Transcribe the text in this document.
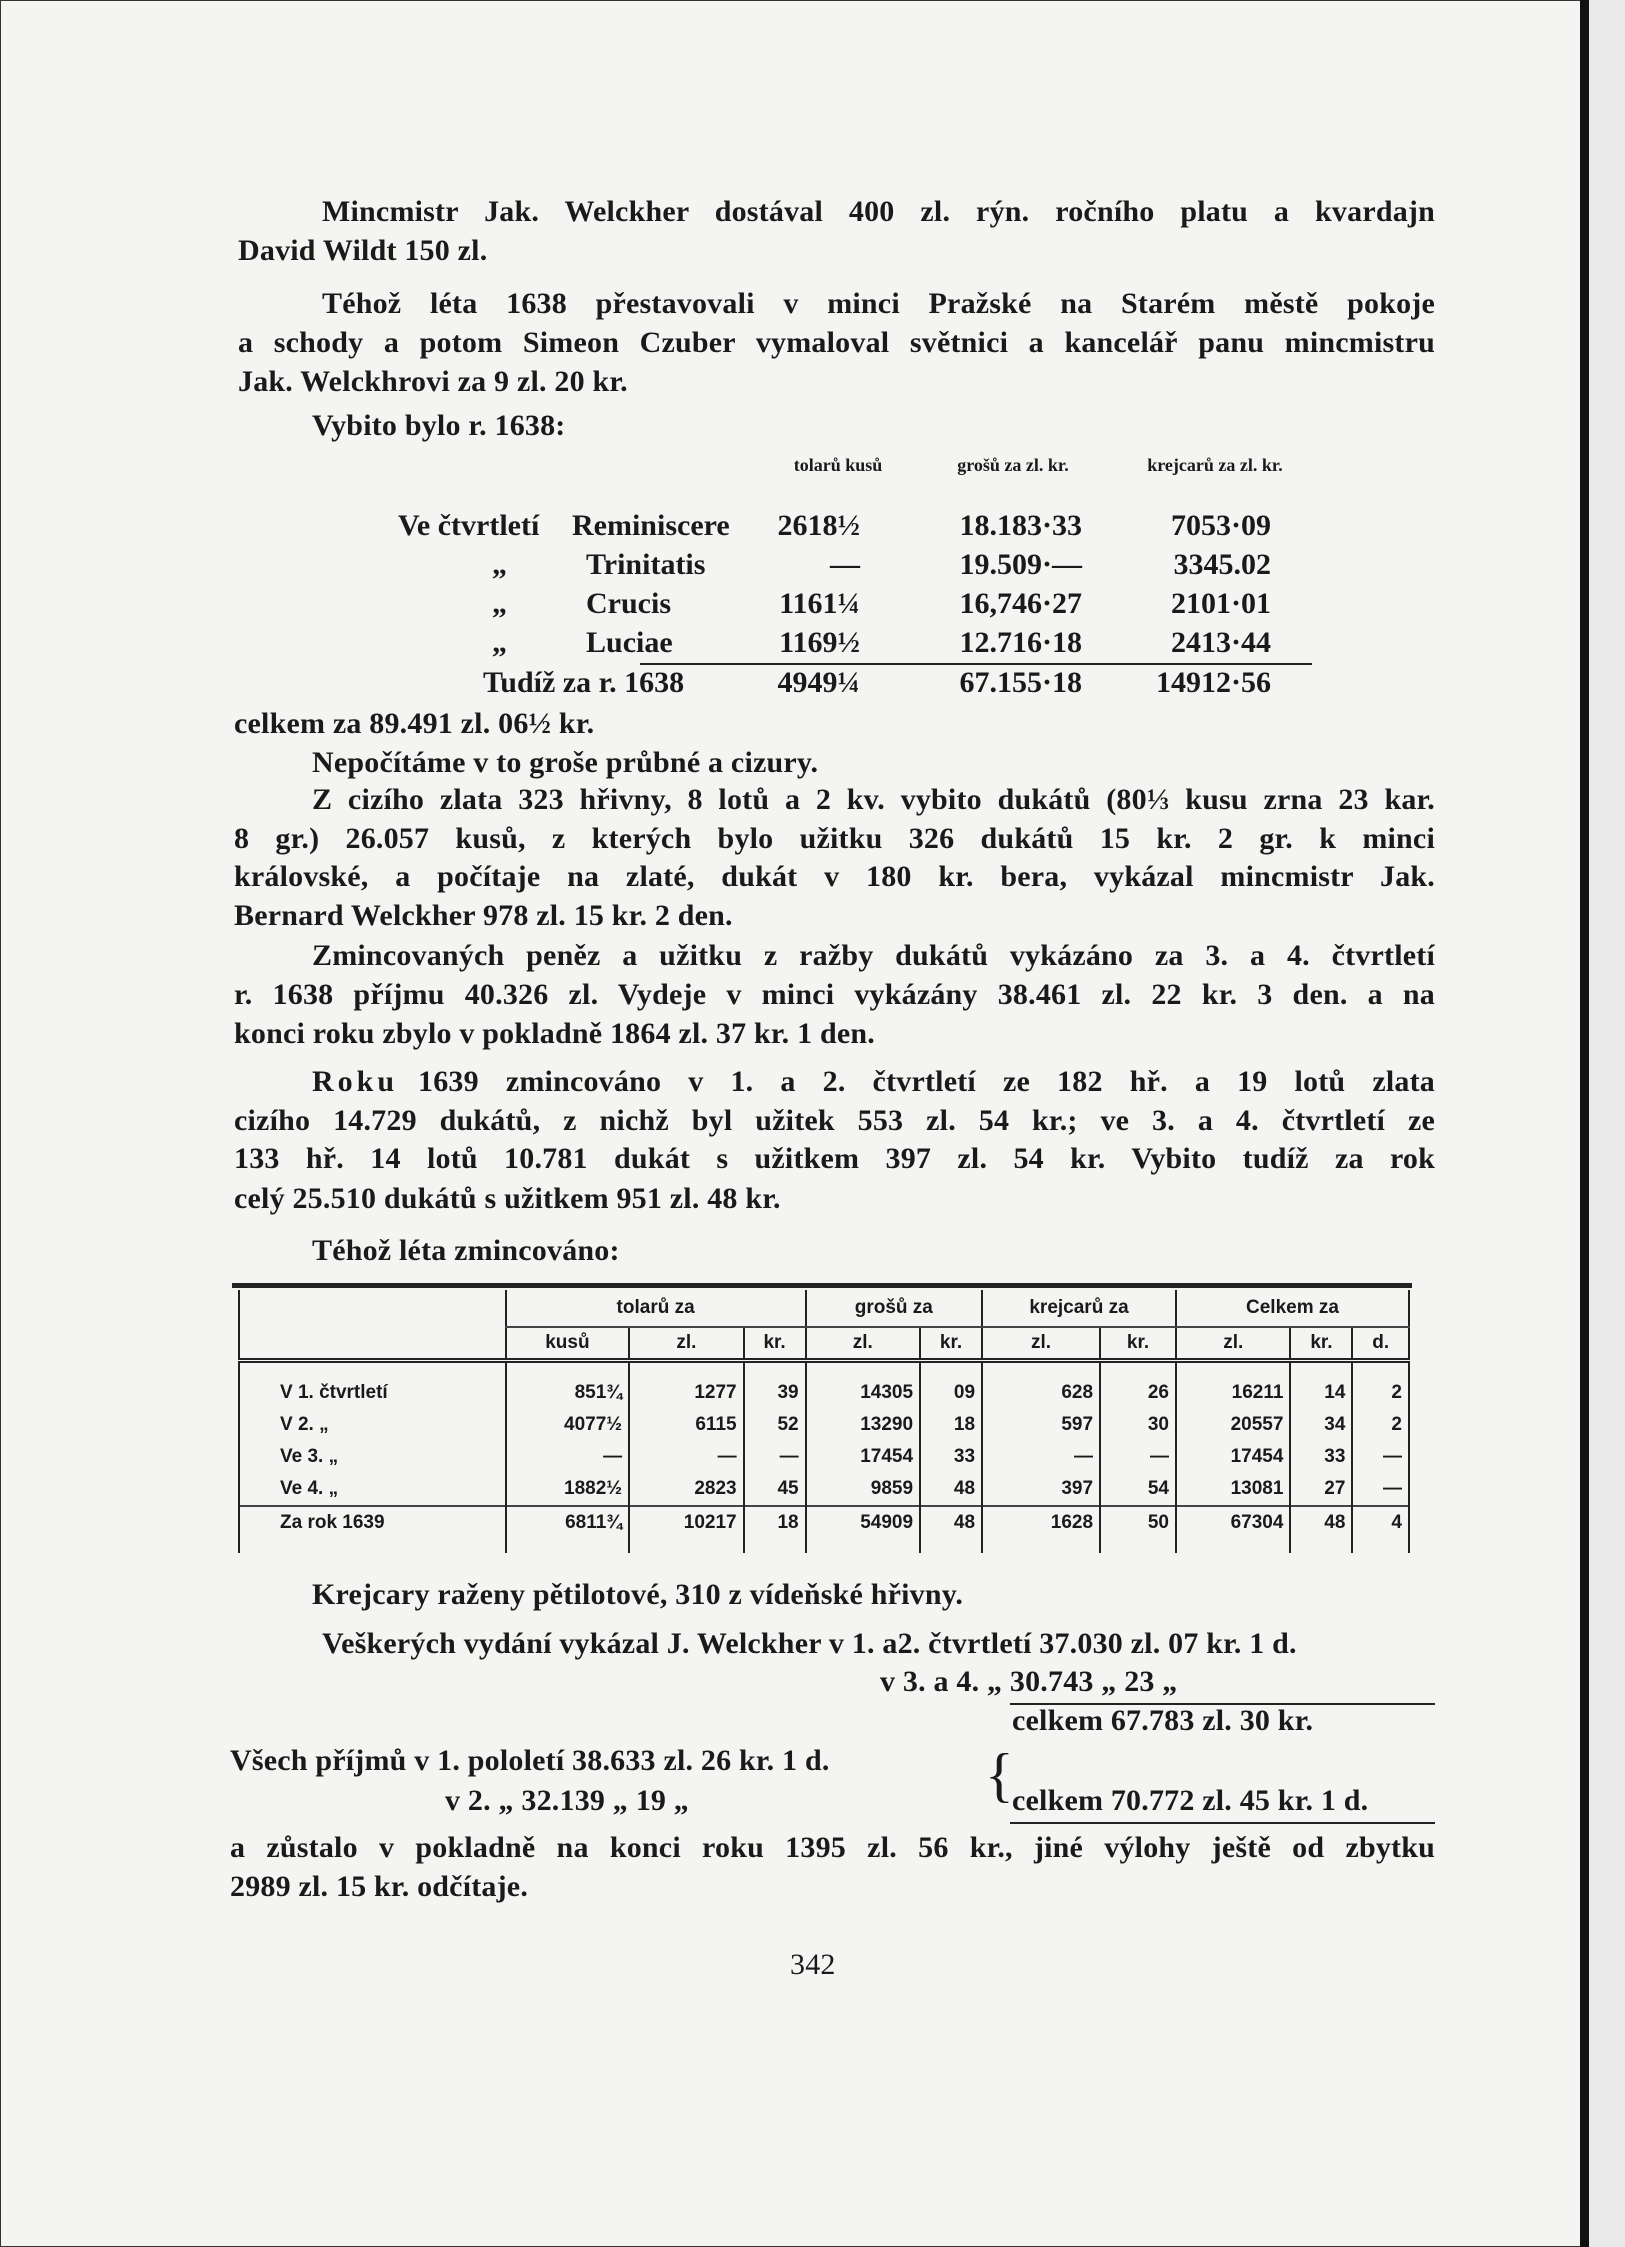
Mincmistr Jak. Welckher dostával 400 zl. rýn. ročního platu a kvardajn
David Wildt 150 zl.
Téhož léta 1638 přestavovali v minci Pražské na Starém městě pokoje
a schody a potom Simeon Czuber vymaloval světnici a kancelář panu mincmistru
Jak. Welckhrovi za 9 zl. 20 kr.
Vybito bylo r. 1638:
tolarů kusů	grošů za zl. kr.	krejcarů za zl. kr.
Ve čtvrtletí Reminiscere 2618½	18.183·33	7053·09
„	Trinitatis	—	19.509·—	3345.02
„	Crucis	1161¼	16,746·27	2101·01
„	Luciae	1169½	12.716·18	2413·44
Tudíž za r. 1638	4949¼	67.155·18 14912·56
celkem za 89.491 zl. 06½ kr.
Nepočítáme v to groše průbné a cizury.
Z cizího zlata 323 hřivny, 8 lotů a 2 kv. vybito dukátů (80⅓ kusu zrna 23 kar.
8 gr.) 26.057 kusů, z kterých bylo užitku 326 dukátů 15 kr. 2 gr. k minci
královské, a počítaje na zlaté, dukát v 180 kr. bera, vykázal mincmistr Jak.
Bernard Welckher 978 zl. 15 kr. 2 den.
Zmincovaných peněz a užitku z ražby dukátů vykázáno za 3. a 4. čtvrtletí
r. 1638 příjmu 40.326 zl. Vydeje v minci vykázány 38.461 zl. 22 kr. 3 den. a na
konci roku zbylo v pokladně 1864 zl. 37 kr. 1 den.
Roku 1639 zmincováno v 1. a 2. čtvrtletí ze 182 hř. a 19 lotů zlata
cizího 14.729 dukátů, z nichž byl užitek 553 zl. 54 kr.; ve 3. a 4. čtvrtletí ze
133 hř. 14 lotů 10.781 dukát s užitkem 397 zl. 54 kr. Vybito tudíž za rok
celý 25.510 dukátů s užitkem 951 zl. 48 kr.
Téhož léta zmincováno:
	tolarů za			grošů za		krejcarů za		Celkem za		
	kusů	zl.	kr.	zl.	kr.	zl.	kr.	zl.	kr.	d.

V 1. čtvrtletí	851¾	1277	39	14305	09	628	26	16211	14	2
V 2. „	4077½	6115	52	13290	18	597	30	20557	34	2
Ve 3. „	—	—	—	17454	33	—	—	17454	33	—
Ve 4. „	1882½	2823	45	9859	48	397	54	13081	27	—
Za rok 1639	6811¾	10217	18	54909	48	1628	50	67304	48	4

Krejcary raženy pětilotové, 310 z vídeňské hřivny.
Veškerých vydání vykázal J. Welckher v 1. a2. čtvrtletí 37.030 zl. 07 kr. 1 d.
v 3. a 4. „ 30.743 „ 23 „
celkem 67.783 zl. 30 kr.
Všech příjmů v 1. pololetí 38.633 zl. 26 kr. 1 d.
v 2. „ 32.139 „ 19 „	{
celkem 70.772 zl. 45 kr. 1 d.
a zůstalo v pokladně na konci roku 1395 zl. 56 kr., jiné výlohy ještě od zbytku
2989 zl. 15 kr. odčítaje.
342
